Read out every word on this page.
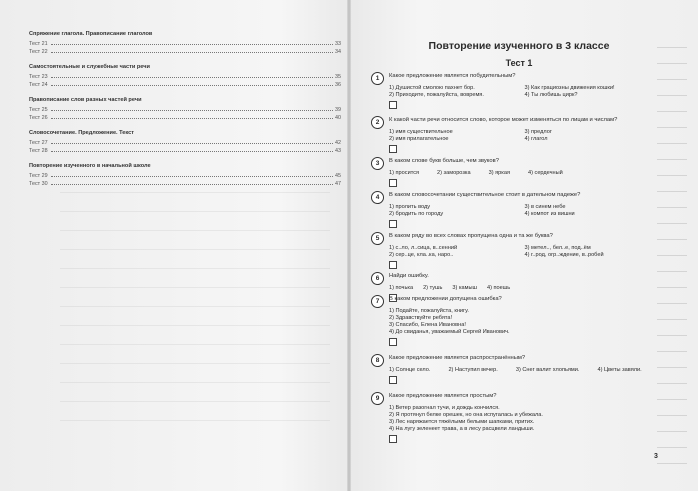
Спряжение глагола. Правописание глаголов
Тест 21	33
Тест 22	34
Самостоятельные и служебные части речи
Тест 23	35
Тест 24	36
Правописание слов разных частей речи
Тест 25	39
Тест 26	40
Словосочетание. Предложение. Текст
Тест 27	42
Тест 28	43
Повторение изученного в начальной школе
Тест 29	45
Тест 30	47
Повторение изученного в 3 классе
Тест 1
1	Какое предложение является побудительным?
1) Душистой смолою пахнет бор.	3) Как грациозны движения кошки!
2) Приходите, пожалуйста, вовремя.	4) Ты любишь цирк?
2	К какой части речи относится слово, которое может изменяться по лицам и числам?
1) имя существительное	3) предлог
2) имя прилагательное	4) глагол
3	В каком слове букв больше, чем звуков?
1) просится	2) заморозка	3) яркая	4) сердечный
4	В каком словосочетании существительное стоит в дательном падеже?
1) пролить воду	3) в синем небе
2) бродить по городу	4) компот из вишни
5	В каком ряду во всех словах пропущена одна и та же буква?
1) с..ло, л..сица, в..сенний	3) метел.., бел..е, под..ём
2) сер..це, кла..ка, наро..	4) г..род, огр..ждение, в..робей
6	Найди ошибку.
1) почька 2) тушь 3) камыш 4) поешь
7	В каком предложении допущена ошибка?
1) Подайте, пожалуйста, книгу.
2) Здравствуйте ребята!
3) Спасибо, Елена Ивановна!
4) До свиданья, уважаемый Сергей Иванович.
8	Какое предложение является распространённым?
1) Солнце село.	2) Наступил вечер.	3) Снег валит хлопьями.	4) Цветы завяли.
9	Какое предложение является простым?
1) Ветер разогнал тучи, и дождь кончился.
2) Я протянул белке орешек, но она испугалась и убежала.
3) Лес наряжается тяжёлыми белыми шапками, притих.
4) На лугу зеленеет трава, а в лесу расцвели ландыши.
3
